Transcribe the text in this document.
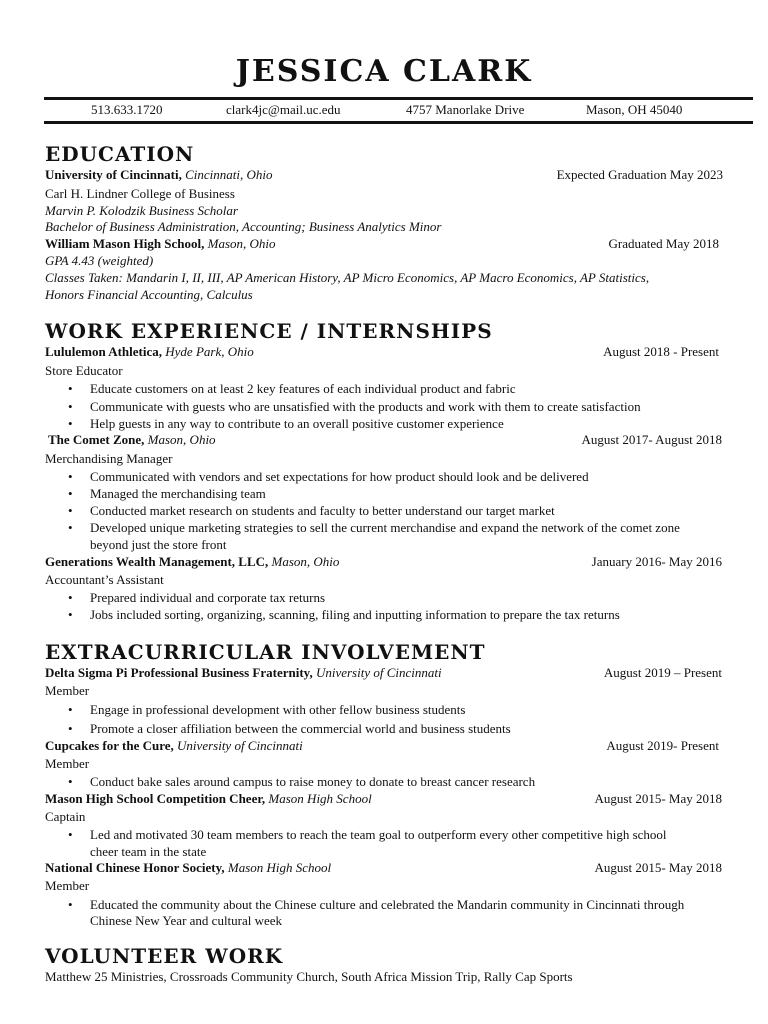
JESSICA CLARK
513.633.1720	clark4jc@mail.uc.edu	4757 Manorlake Drive	Mason, OH 45040
EDUCATION
University of Cincinnati, Cincinnati, Ohio	Expected Graduation May 2023
Carl H. Lindner College of Business
Marvin P. Kolodzik Business Scholar
Bachelor of Business Administration, Accounting; Business Analytics Minor
William Mason High School, Mason, Ohio	Graduated May 2018
GPA 4.43 (weighted)
Classes Taken: Mandarin I, II, III, AP American History, AP Micro Economics, AP Macro Economics, AP Statistics,
Honors Financial Accounting, Calculus
WORK EXPERIENCE / INTERNSHIPS
Lululemon Athletica, Hyde Park, Ohio	August 2018 - Present
Store Educator
• Educate customers on at least 2 key features of each individual product and fabric
• Communicate with guests who are unsatisfied with the products and work with them to create satisfaction
• Help guests in any way to contribute to an overall positive customer experience
The Comet Zone, Mason, Ohio	August 2017- August 2018
Merchandising Manager
• Communicated with vendors and set expectations for how product should look and be delivered
• Managed the merchandising team
• Conducted market research on students and faculty to better understand our target market
• Developed unique marketing strategies to sell the current merchandise and expand the network of the comet zone
beyond just the store front
Generations Wealth Management, LLC, Mason, Ohio	January 2016- May 2016
Accountant’s Assistant
• Prepared individual and corporate tax returns
• Jobs included sorting, organizing, scanning, filing and inputting information to prepare the tax returns
EXTRACURRICULAR INVOLVEMENT
Delta Sigma Pi Professional Business Fraternity, University of Cincinnati	August 2019 – Present
Member
• Engage in professional development with other fellow business students
• Promote a closer affiliation between the commercial world and business students
Cupcakes for the Cure, University of Cincinnati	August 2019- Present
Member
• Conduct bake sales around campus to raise money to donate to breast cancer research
Mason High School Competition Cheer, Mason High School	August 2015- May 2018
Captain
• Led and motivated 30 team members to reach the team goal to outperform every other competitive high school
cheer team in the state
National Chinese Honor Society, Mason High School	August 2015- May 2018
Member
• Educated the community about the Chinese culture and celebrated the Mandarin community in Cincinnati through
Chinese New Year and cultural week
VOLUNTEER WORK
Matthew 25 Ministries, Crossroads Community Church, South Africa Mission Trip, Rally Cap Sports
